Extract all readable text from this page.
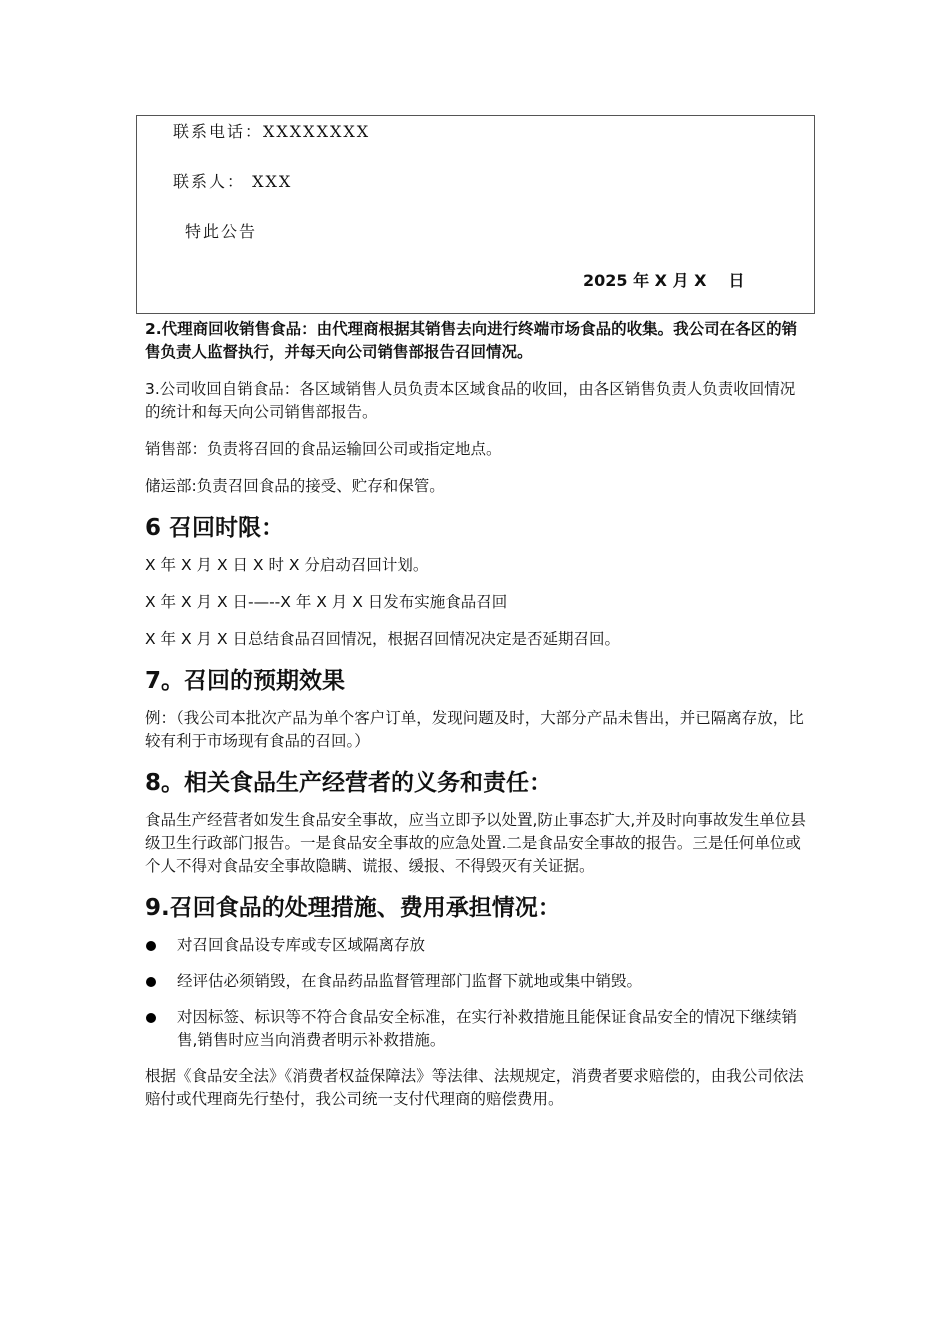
联系电话：XXXXXXXX
联系人： XXX
特此公告
2025 年 X 月 X 日

2.代理商回收销售食品：由代理商根据其销售去向进行终端市场食品的收集。我公司在各区的销售负责人监督执行，并每天向公司销售部报告召回情况。

3.公司收回自销食品：各区域销售人员负责本区域食品的收回，由各区销售负责人负责收回情况的统计和每天向公司销售部报告。

销售部：负责将召回的食品运输回公司或指定地点。

储运部:负责召回食品的接受、贮存和保管。

6 召回时限：

X 年 X 月 X 日 X 时 X 分启动召回计划。

X 年 X 月 X 日-—--X 年 X 月 X 日发布实施食品召回

X 年 X 月 X 日总结食品召回情况，根据召回情况决定是否延期召回。

7。召回的预期效果

例：（我公司本批次产品为单个客户订单，发现问题及时，大部分产品未售出，并已隔离存放，比较有利于市场现有食品的召回。）

8。相关食品生产经营者的义务和责任：

食品生产经营者如发生食品安全事故，应当立即予以处置,防止事态扩大,并及时向事故发生单位县级卫生行政部门报告。一是食品安全事故的应急处置.二是食品安全事故的报告。三是任何单位或个人不得对食品安全事故隐瞒、谎报、缓报、不得毁灭有关证据。

9.召回食品的处理措施、费用承担情况：
对召回食品设专库或专区域隔离存放
经评估必须销毁，在食品药品监督管理部门监督下就地或集中销毁。
对因标签、标识等不符合食品安全标准，在实行补救措施且能保证食品安全的情况下继续销售,销售时应当向消费者明示补救措施。

根据《食品安全法》《消费者权益保障法》等法律、法规规定，消费者要求赔偿的，由我公司依法赔付或代理商先行垫付，我公司统一支付代理商的赔偿费用。
